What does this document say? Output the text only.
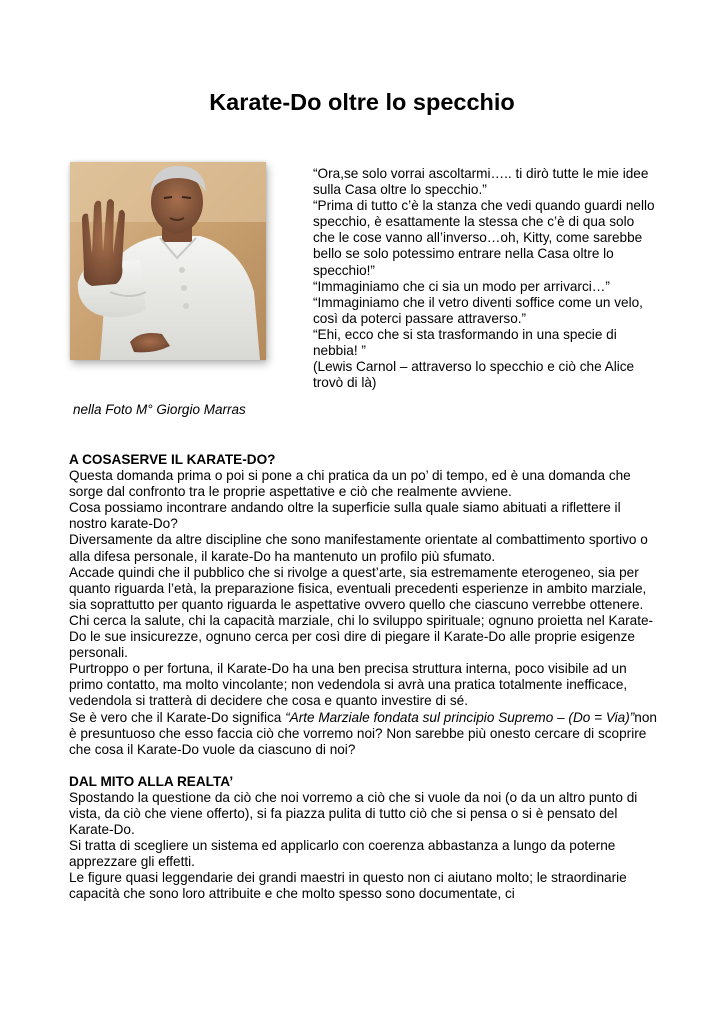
Karate-Do oltre lo specchio

nella Foto M° Giorgio Marras

“Ora,se solo vorrai ascoltarmi….. ti dirò tutte le mie idee sulla Casa oltre lo specchio.”
“Prima di tutto c’è la stanza che vedi quando guardi nello specchio, è esattamente la stessa che c’è di qua solo che le cose vanno all’inverso…oh, Kitty, come sarebbe bello se solo potessimo entrare nella Casa oltre lo specchio!”
“Immaginiamo che ci sia un modo per arrivarci…”
“Immaginiamo che il vetro diventi soffice come un velo, così da poterci passare attraverso.”
“Ehi, ecco che si sta trasformando in una specie di nebbia! ”
(Lewis Carnol – attraverso lo specchio e ciò che Alice trovò di là)

A COSASERVE IL KARATE-DO?

Questa domanda prima o poi si pone a chi pratica da un po’ di tempo, ed è una domanda che sorge dal confronto tra le proprie aspettative e ciò che realmente avviene.

Cosa possiamo incontrare andando oltre la superficie sulla quale siamo abituati a riflettere il nostro karate-Do?

Diversamente da altre discipline che sono manifestamente orientate al combattimento sportivo o alla difesa personale, il karate-Do ha mantenuto un profilo più sfumato.

Accade quindi che il pubblico che si rivolge a quest’arte, sia estremamente eterogeneo, sia per quanto riguarda l’età, la preparazione fisica, eventuali precedenti esperienze in ambito marziale, sia soprattutto per quanto riguarda le aspettative ovvero quello che ciascuno verrebbe ottenere.

Chi cerca la salute, chi la capacità marziale, chi lo sviluppo spirituale; ognuno proietta nel Karate-Do le sue insicurezze, ognuno cerca per così dire di piegare il Karate-Do alle proprie esigenze personali.

Purtroppo o per fortuna, il Karate-Do ha una ben precisa struttura interna, poco visibile ad un primo contatto, ma molto vincolante; non vedendola si avrà una pratica totalmente inefficace, vedendola si tratterà di decidere che cosa e quanto investire di sé.

Se è vero che il Karate-Do significa “Arte Marziale fondata sul principio Supremo – (Do = Via)”non è presuntuoso che esso faccia ciò che vorremo noi? Non sarebbe più onesto cercare di scoprire che cosa il Karate-Do vuole da ciascuno di noi?

DAL MITO ALLA REALTA’

Spostando la questione da ciò che noi vorremo a ciò che si vuole da noi (o da un altro punto di vista, da ciò che viene offerto), si fa piazza pulita di tutto ciò che si pensa o si è pensato del Karate-Do.

Si tratta di scegliere un sistema ed applicarlo con coerenza abbastanza a lungo da poterne apprezzare gli effetti.

Le figure quasi leggendarie dei grandi maestri in questo non ci aiutano molto; le straordinarie capacità che sono loro attribuite e che molto spesso sono documentate, ci
